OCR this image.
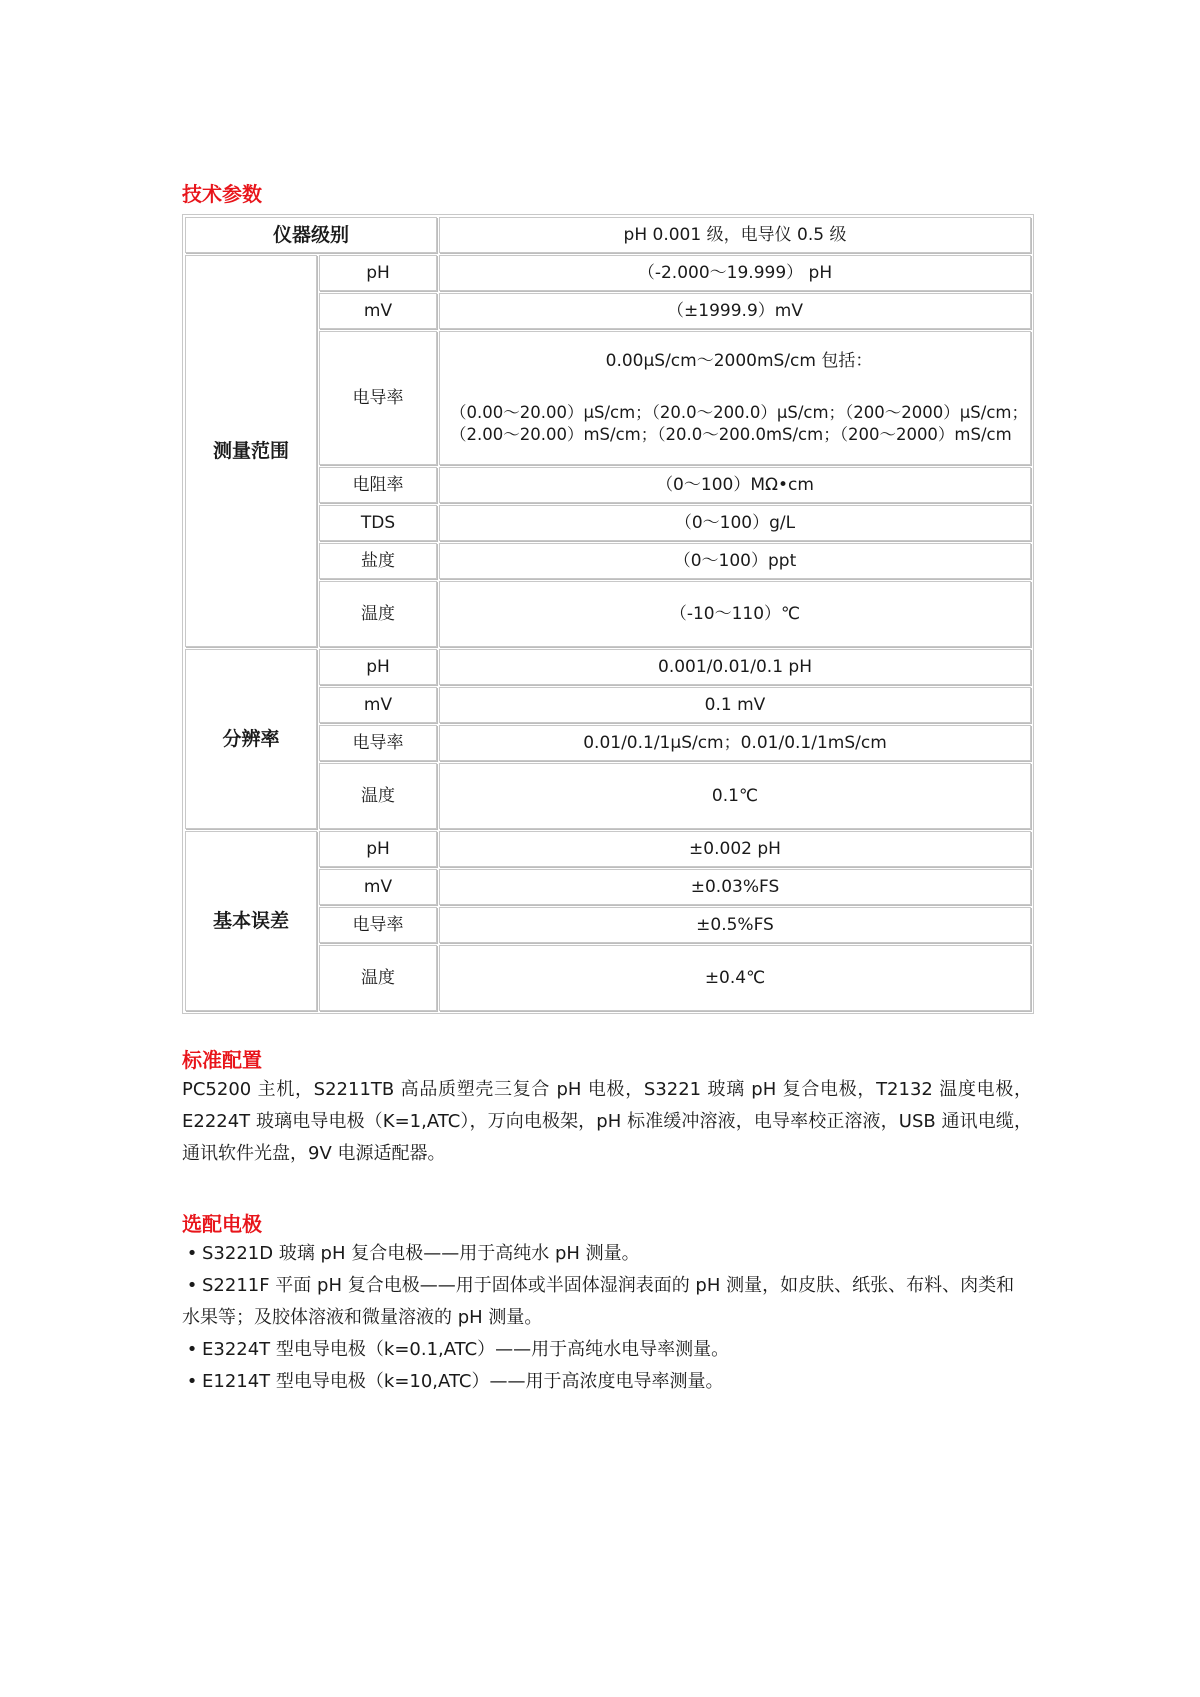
技术参数
仪器级别		pH 0.001 级，电导仪 0.5 级
测量范围	pH	（-2.000～19.999） pH
	mV	（±1999.9）mV
	电导率	0.00μS/cm～2000mS/cm 包括：
（0.00～20.00）μS/cm；（20.0～200.0）μS/cm；（200～2000）μS/cm；
（2.00～20.00）mS/cm；（20.0～200.0mS/cm；（200～2000）mS/cm

	电阻率	（0～100）MΩ•cm
	TDS	（0～100）g/L
	盐度	（0～100）ppt
	温度	（-10～110）℃
分辨率	pH	0.001/0.01/0.1 pH
	mV	0.1 mV
	电导率	0.01/0.1/1μS/cm；0.01/0.1/1mS/cm
	温度	0.1℃
基本误差	pH	±0.002 pH
	mV	±0.03%FS
	电导率	±0.5%FS
	温度	±0.4℃
标准配置

PC5200 主机，S2211TB 高品质塑壳三复合 pH 电极，S3221 玻璃 pH 复合电极，T2132 温度电极，E2224T 玻璃电导电极（K=1,ATC），万向电极架，pH 标准缓冲溶液，电导率校正溶液，USB 通讯电缆，通讯软件光盘，9V 电源适配器。

选配电极
• S3221D 玻璃 pH 复合电极——用于高纯水 pH 测量。
• S2211F 平面 pH 复合电极——用于固体或半固体湿润表面的 pH 测量，如皮肤、纸张、布料、肉类和水果等；及胶体溶液和微量溶液的 pH 测量。
• E3224T 型电导电极（k=0.1,ATC）——用于高纯水电导率测量。
• E1214T 型电导电极（k=10,ATC）——用于高浓度电导率测量。
